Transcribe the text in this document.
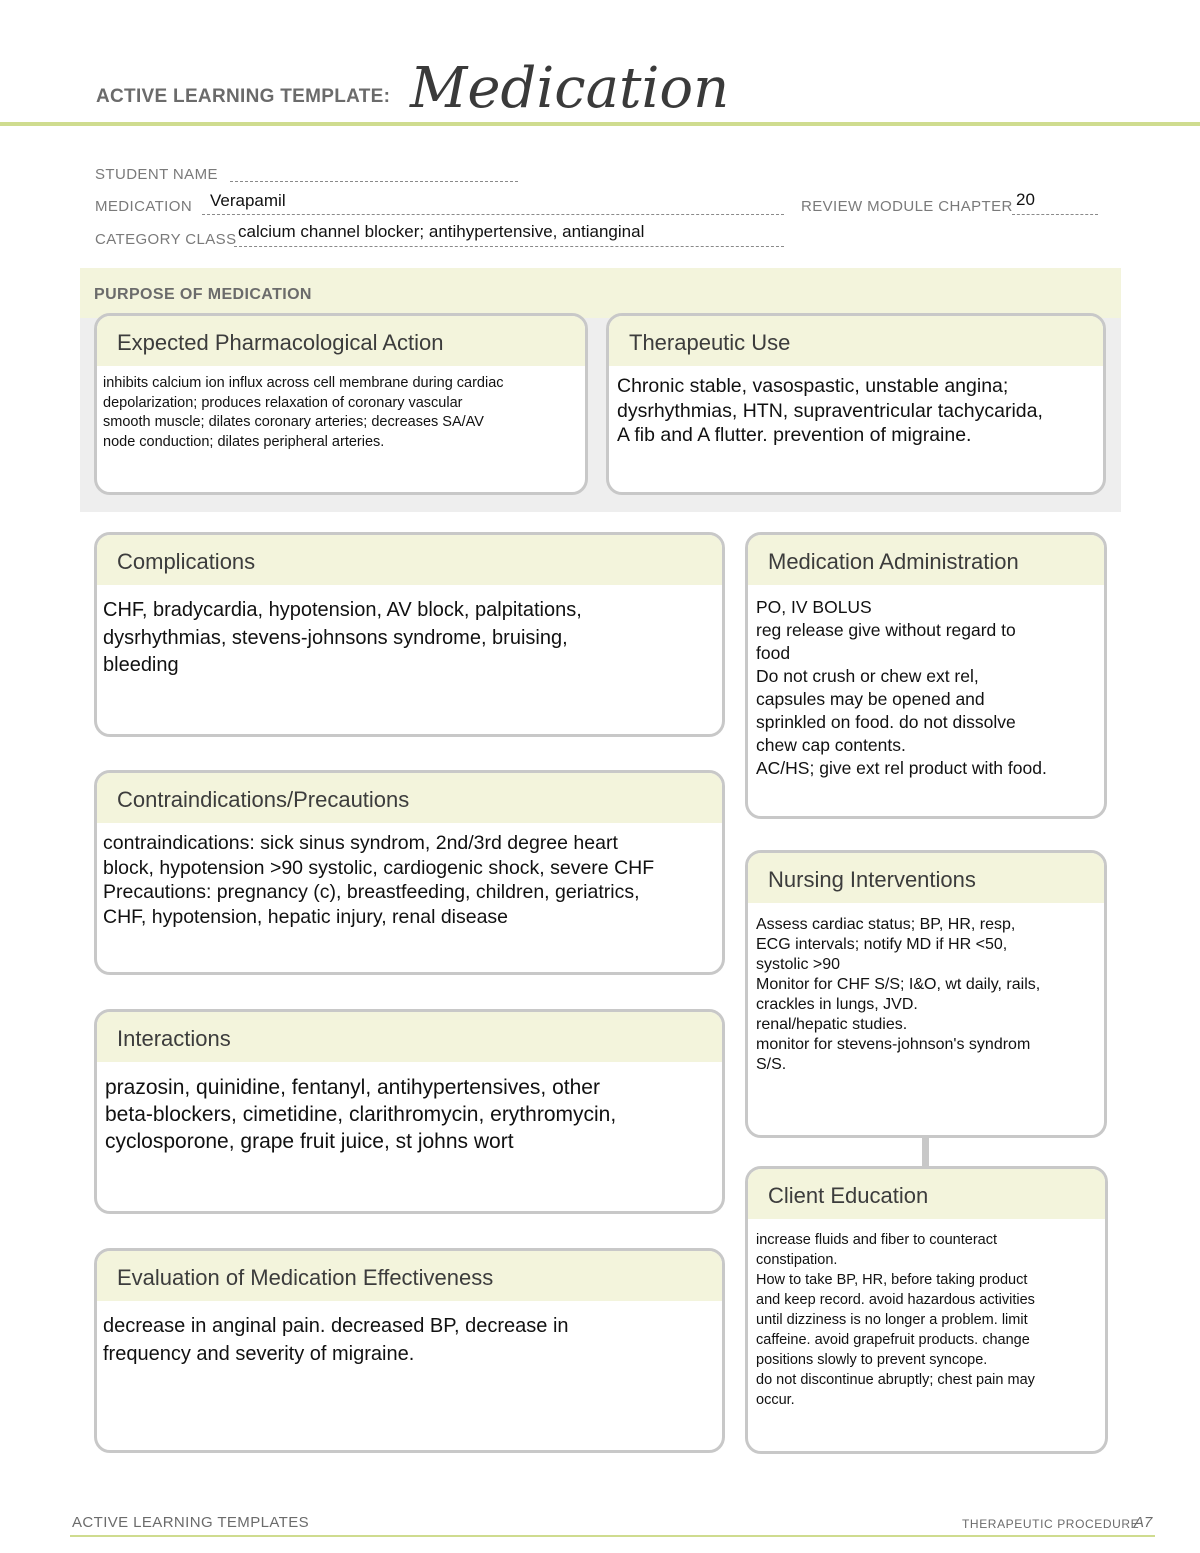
ACTIVE LEARNING TEMPLATE: Medication
STUDENT NAME
MEDICATION Verapamil	REVIEW MODULE CHAPTER 20
CATEGORY CLASS calcium channel blocker; antihypertensive, antianginal
PURPOSE OF MEDICATION
Expected Pharmacological Action
inhibits calcium ion influx across cell membrane during cardiac
depolarization; produces relaxation of coronary vascular
smooth muscle; dilates coronary arteries; decreases SA/AV
node conduction; dilates peripheral arteries.
Therapeutic Use
Chronic stable, vasospastic, unstable angina;
dysrhythmias, HTN, supraventricular tachycarida,
A fib and A flutter. prevention of migraine.
Complications
CHF, bradycardia, hypotension, AV block, palpitations,
dysrhythmias, stevens-johnsons syndrome, bruising,
bleeding
Contraindications/Precautions
contraindications: sick sinus syndrom, 2nd/3rd degree heart
block, hypotension >90 systolic, cardiogenic shock, severe CHF
Precautions: pregnancy (c), breastfeeding, children, geriatrics,
CHF, hypotension, hepatic injury, renal disease
Interactions
prazosin, quinidine, fentanyl, antihypertensives, other
beta-blockers, cimetidine, clarithromycin, erythromycin,
cyclosporone, grape fruit juice, st johns wort
Evaluation of Medication Effectiveness
decrease in anginal pain. decreased BP, decrease in
frequency and severity of migraine.
Medication Administration
PO, IV BOLUS
reg release give without regard to
food
Do not crush or chew ext rel,
capsules may be opened and
sprinkled on food. do not dissolve
chew cap contents.
AC/HS; give ext rel product with food.
Nursing Interventions
Assess cardiac status; BP, HR, resp,
ECG intervals; notify MD if HR <50,
systolic >90
Monitor for CHF S/S; I&O, wt daily, rails,
crackles in lungs, JVD.
renal/hepatic studies.
monitor for stevens-johnson's syndrom
S/S.
Client Education
increase fluids and fiber to counteract
constipation.
How to take BP, HR, before taking product
and keep record. avoid hazardous activities
until dizziness is no longer a problem. limit
caffeine. avoid grapefruit products. change
positions slowly to prevent syncope.
do not discontinue abruptly; chest pain may
occur.
ACTIVE LEARNING TEMPLATES	THERAPEUTIC PROCEDURE
A7
